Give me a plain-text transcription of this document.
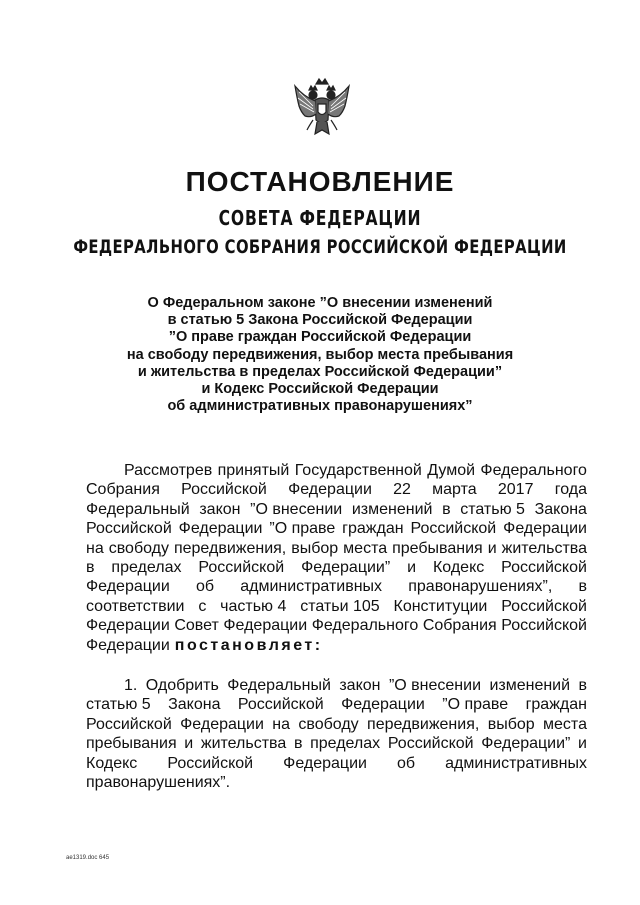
ПОСТАНОВЛЕНИЕ
СОВЕТА ФЕДЕРАЦИИ
ФЕДЕРАЛЬНОГО СОБРАНИЯ РОССИЙСКОЙ ФЕДЕРАЦИИ
О Федеральном законе ”О внесении изменений
в статью 5 Закона Российской Федерации
”О праве граждан Российской Федерации
на свободу передвижения, выбор места пребывания
и жительства в пределах Российской Федерации”
и Кодекс Российской Федерации
об административных правонарушениях”
Рассмотрев принятый Государственной Думой Федерального
Собрания Российской Федерации 22 марта 2017 года
Федеральный закон ”О внесении изменений в статью 5 Закона
Российской Федерации ”О праве граждан Российской Федерации
на свободу передвижения, выбор места пребывания и жительства
в пределах Российской Федерации” и Кодекс Российской
Федерации об административных правонарушениях”, в
соответствии с частью 4 статьи 105 Конституции Российской
Федерации Совет Федерации Федерального Собрания Российской
Федерации постановляет:
1. Одобрить Федеральный закон ”О внесении изменений в
статью 5 Закона Российской Федерации ”О праве граждан
Российской Федерации на свободу передвижения, выбор места
пребывания и жительства в пределах Российской Федерации” и
Кодекс Российской Федерации об административных
правонарушениях”.
ае1319.doc 645
